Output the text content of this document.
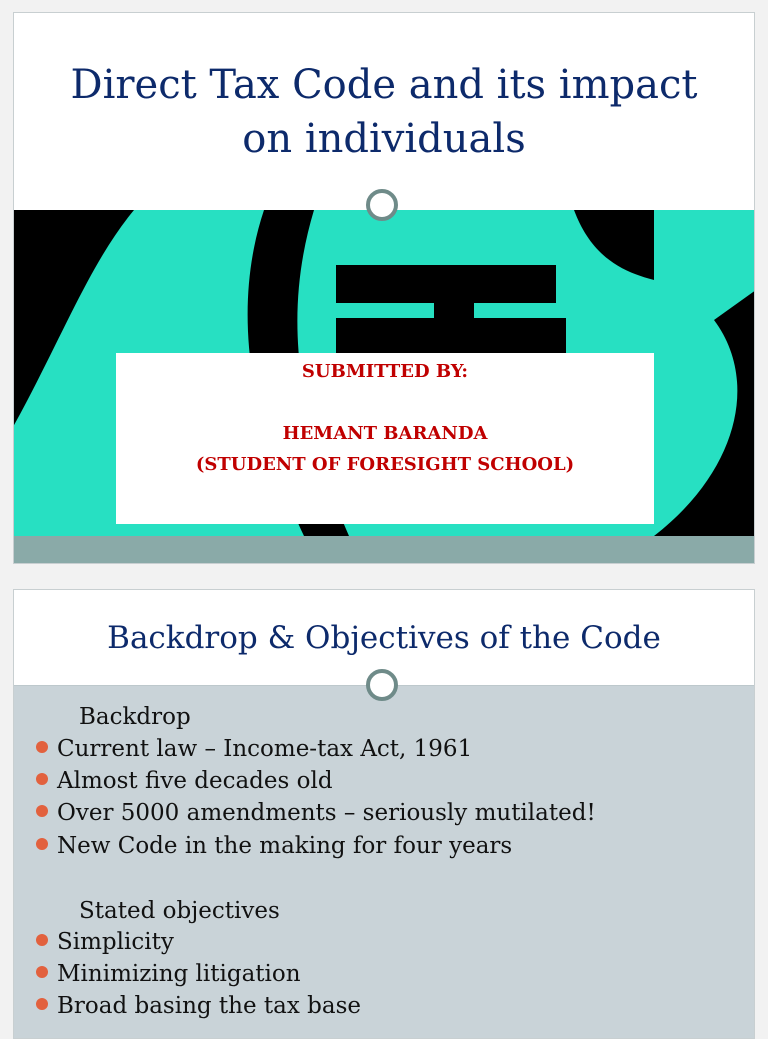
Direct Tax Code and its impact on individuals
SUBMITTED BY:
HEMANT BARANDA
(STUDENT OF FORESIGHT SCHOOL)
Backdrop & Objectives of the Code
Backdrop
Current law – Income-tax Act, 1961
Almost five decades old
Over 5000 amendments – seriously mutilated!
New Code in the making for four years
Stated objectives
Simplicity
Minimizing litigation
Broad basing the tax base
